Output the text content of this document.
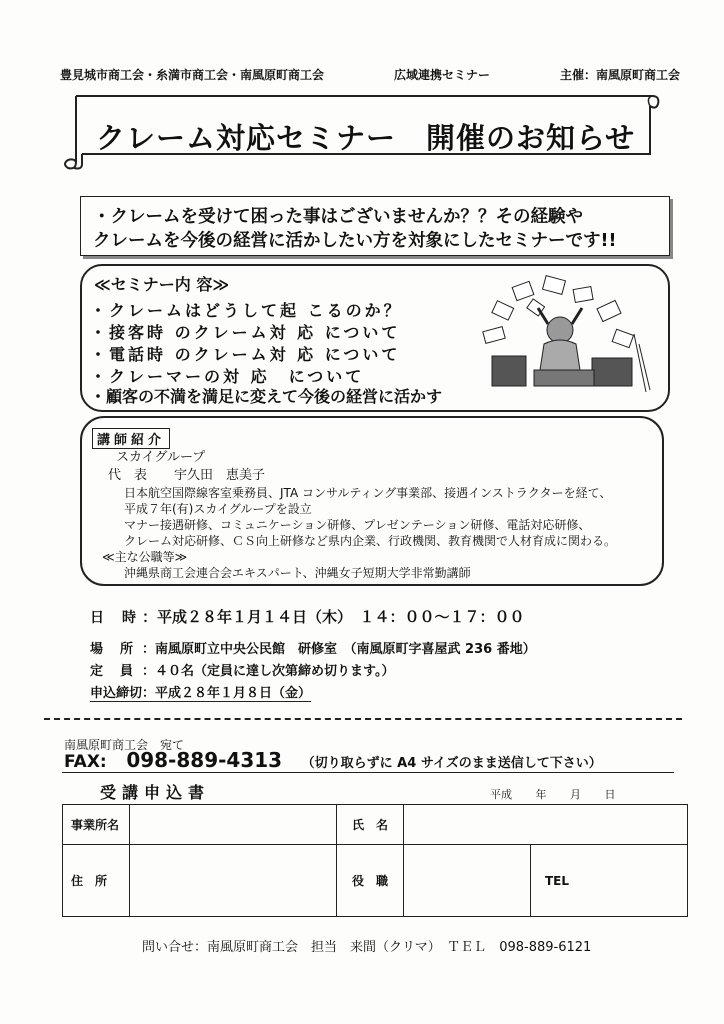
豊見城市商工会・糸満市商工会・南風原町商工会	広域連携セミナー	主催：南風原町商工会
クレーム対応セミナー　開催のお知らせ
・クレームを受けて困った事はございませんか？？その経験や
クレームを今後の経営に活かしたい方を対象にしたセミナーです!!
≪セミナー内 容≫
・クレームはどうして起 こるのか？
・接客時 のクレーム対 応 について
・電話時 のクレーム対 応 について
・クレーマーの対 応　について
・顧客の不満を満足に変えて今後の経営に活かす
講師紹介
スカイグループ
代　表 宇久田　恵美子
日本航空国際線客室乗務員、JTA コンサルティング事業部、接遇インストラクターを経て、
平成７年(有)スカイグループを設立
マナー接遇研修、コミュニケーション研修、プレゼンテーション研修、電話対応研修、
クレーム対応研修、ＣＳ向上研修など県内企業、行政機関、教育機関で人材育成に関わる。
≪主な公職等≫
沖縄県商工会連合会エキスパート、沖縄女子短期大学非常勤講師
日　時 ：平成２８年１月１４日（木）　１４：００〜１７：００
場　所 ：南風原町立中央公民館　研修室　（南風原町字喜屋武 236 番地）
定　員 ：４０名（定員に達し次第締め切ります。）
申込締切：平成２８年１月８日（金）
南風原町商工会　宛て
FAX: 098-889-4313 （切り取らずに A4 サイズのまま送信して下さい）
受講申込書	平成 年 月 日
事業所名		氏　名		
住　所		役　職		TEL
問い合せ：南風原町商工会　担当　来間（クリマ）　ＴＥＬ　098-889-6121
